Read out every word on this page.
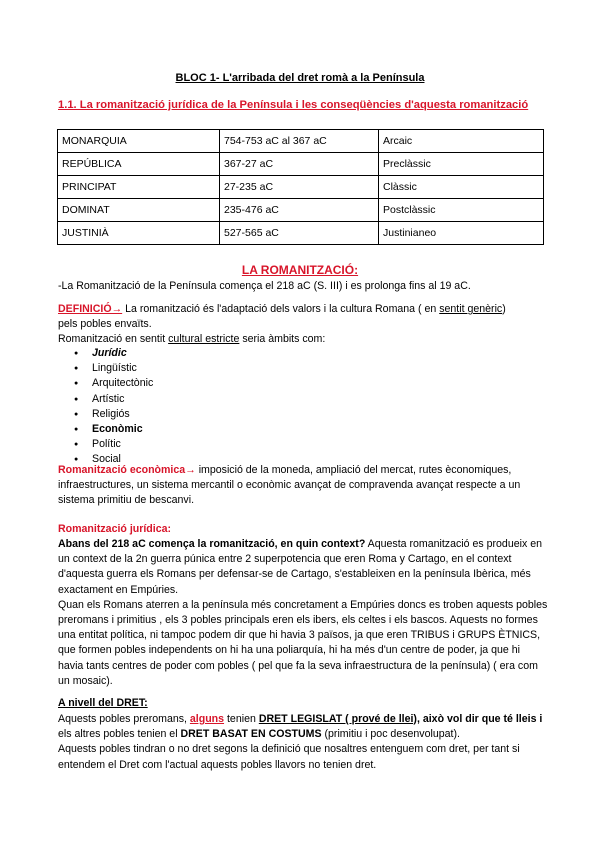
BLOC 1- L'arribada del dret romà a la Península
1.1. La romanització jurídica de la Península i les conseqüències d'aquesta romanització
MONARQUIA	754-753 aC al 367 aC	Arcaic
REPÚBLICA	367-27 aC	Preclàssic
PRINCIPAT	27-235 aC	Clàssic
DOMINAT	235-476 aC	Postclàssic
JUSTINIÀ	527-565 aC	Justinianeo
LA ROMANITZACIÓ:

-La Romanització de la Península comença el 218 aC (S. III) i es prolonga fins al 19 aC.

DEFINICIÓ→ La romanització és l'adaptació dels valors i la cultura Romana ( en sentit genèric)

pels pobles envaïts.

Romanització en sentit cultural estricte seria àmbits com:

● Jurídic
● Lingüístic
● Arquitectònic
● Artístic
● Religiós
● Econòmic
● Polític
● Social

Romanització econòmica→ imposició de la moneda, ampliació del mercat, rutes èconomiques, infraestructures, un sistema mercantil o econòmic avançat de compravenda avançat respecte a un sistema primitiu de bescanvi.

Romanització jurídica:

Abans del 218 aC comença la romanització, en quin context? Aquesta romanització es produeix en un context de la 2n guerra púnica entre 2 superpotencia que eren Roma y Cartago, en el context d'aquesta guerra els Romans per defensar-se de Cartago, s'estableixen en la península Ibèrica, més exactament en Empúries.

Quan els Romans aterren a la península més concretament a Empúries doncs es troben aquests pobles preromans i primitius , els 3 pobles principals eren els ibers, els celtes i els bascos. Aquests no formes una entitat política, ni tampoc podem dir que hi havia 3 països, ja que eren TRIBUS i GRUPS ÈTNICS, que formen pobles independents on hi ha una poliarquía, hi ha més d'un centre de poder, ja que hi havia tants centres de poder com pobles ( pel que fa la seva infraestructura de la península) ( era com un mosaic).

A nivell del DRET:

Aquests pobles preromans, alguns tenien DRET LEGISLAT ( prové de llei), això vol dir que té lleis i els altres pobles tenien el DRET BASAT EN COSTUMS (primitiu i poc desenvolupat).

Aquests pobles tindran o no dret segons la definició que nosaltres entenguem com dret, per tant si entendem el Dret com l'actual aquests pobles llavors no tenien dret.
